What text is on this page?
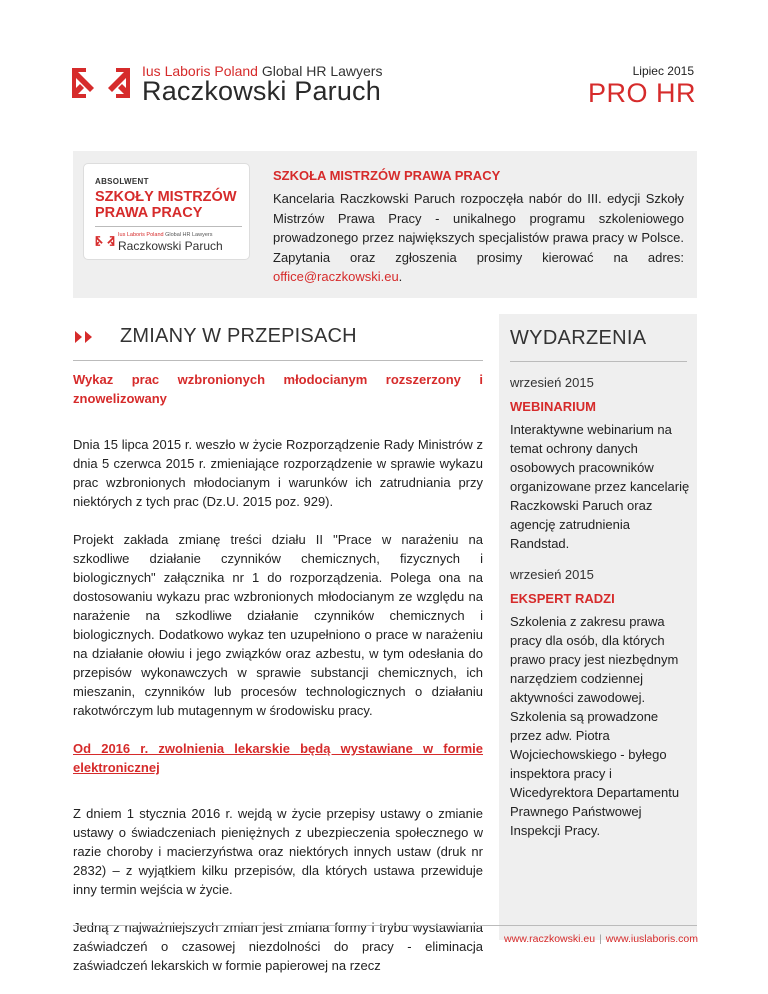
Ius Laboris Poland Global HR Lawyers
Raczkowski Paruch
Lipiec 2015
PRO HR
ABSOLWENT
SZKOŁY MISTRZÓW
PRAWA PRACY
Ius Laboris Poland Global HR Lawyers
Raczkowski Paruch
SZKOŁA MISTRZÓW PRAWA PRACY
Kancelaria Raczkowski Paruch rozpoczęła nabór do III. edycji Szkoły Mistrzów Prawa Pracy - unikalnego programu szkoleniowego prowadzonego przez największych specjalistów prawa pracy w Polsce. Zapytania oraz zgłoszenia prosimy kierować na adres: office@raczkowski.eu.
ZMIANY W PRZEPISACH

Wykaz prac wzbronionych młodocianym rozszerzony i znowelizowany

Dnia 15 lipca 2015 r. weszło w życie Rozporządzenie Rady Ministrów z dnia 5 czerwca 2015 r. zmieniające rozporządzenie w sprawie wykazu prac wzbronionych młodocianym i warunków ich zatrudniania przy niektórych z tych prac (Dz.U. 2015 poz. 929).

Projekt zakłada zmianę treści działu II "Prace w narażeniu na szkodliwe działanie czynników chemicznych, fizycznych i biologicznych" załącznika nr 1 do rozporządzenia. Polega ona na dostosowaniu wykazu prac wzbronionych młodocianym ze względu na narażenie na szkodliwe działanie czynników chemicznych i biologicznych. Dodatkowo wykaz ten uzupełniono o prace w narażeniu na działanie ołowiu i jego związków oraz azbestu, w tym odesłania do przepisów wykonawczych w sprawie substancji chemicznych, ich mieszanin, czynników lub procesów technologicznych o działaniu rakotwórczym lub mutagennym w środowisku pracy.

Od 2016 r. zwolnienia lekarskie będą wystawiane w formie elektronicznej

Z dniem 1 stycznia 2016 r. wejdą w życie przepisy ustawy o zmianie ustawy o świadczeniach pieniężnych z ubezpieczenia społecznego w razie choroby i macierzyństwa oraz niektórych innych ustaw (druk nr 2832) – z wyjątkiem kilku przepisów, dla których ustawa przewiduje inny termin wejścia w życie.

Jedną z najważniejszych zmian jest zmiana formy i trybu wystawiania zaświadczeń o czasowej niezdolności do pracy - eliminacja zaświadczeń lekarskich w formie papierowej na rzecz

WYDARZENIA
wrzesień 2015
WEBINARIUM
Interaktywne webinarium na temat ochrony danych osobowych pracowników organizowane przez kancelarię Raczkowski Paruch oraz agencję zatrudnienia Randstad.
wrzesień 2015
EKSPERT RADZI
Szkolenia z zakresu prawa pracy dla osób, dla których prawo pracy jest niezbędnym narzędziem codziennej aktywności zawodowej.
Szkolenia są prowadzone przez adw. Piotra Wojciechowskiego - byłego inspektora pracy i Wicedyrektora Departamentu Prawnego Państwowej Inspekcji Pracy.
www.raczkowski.eu | www.iuslaboris.com
